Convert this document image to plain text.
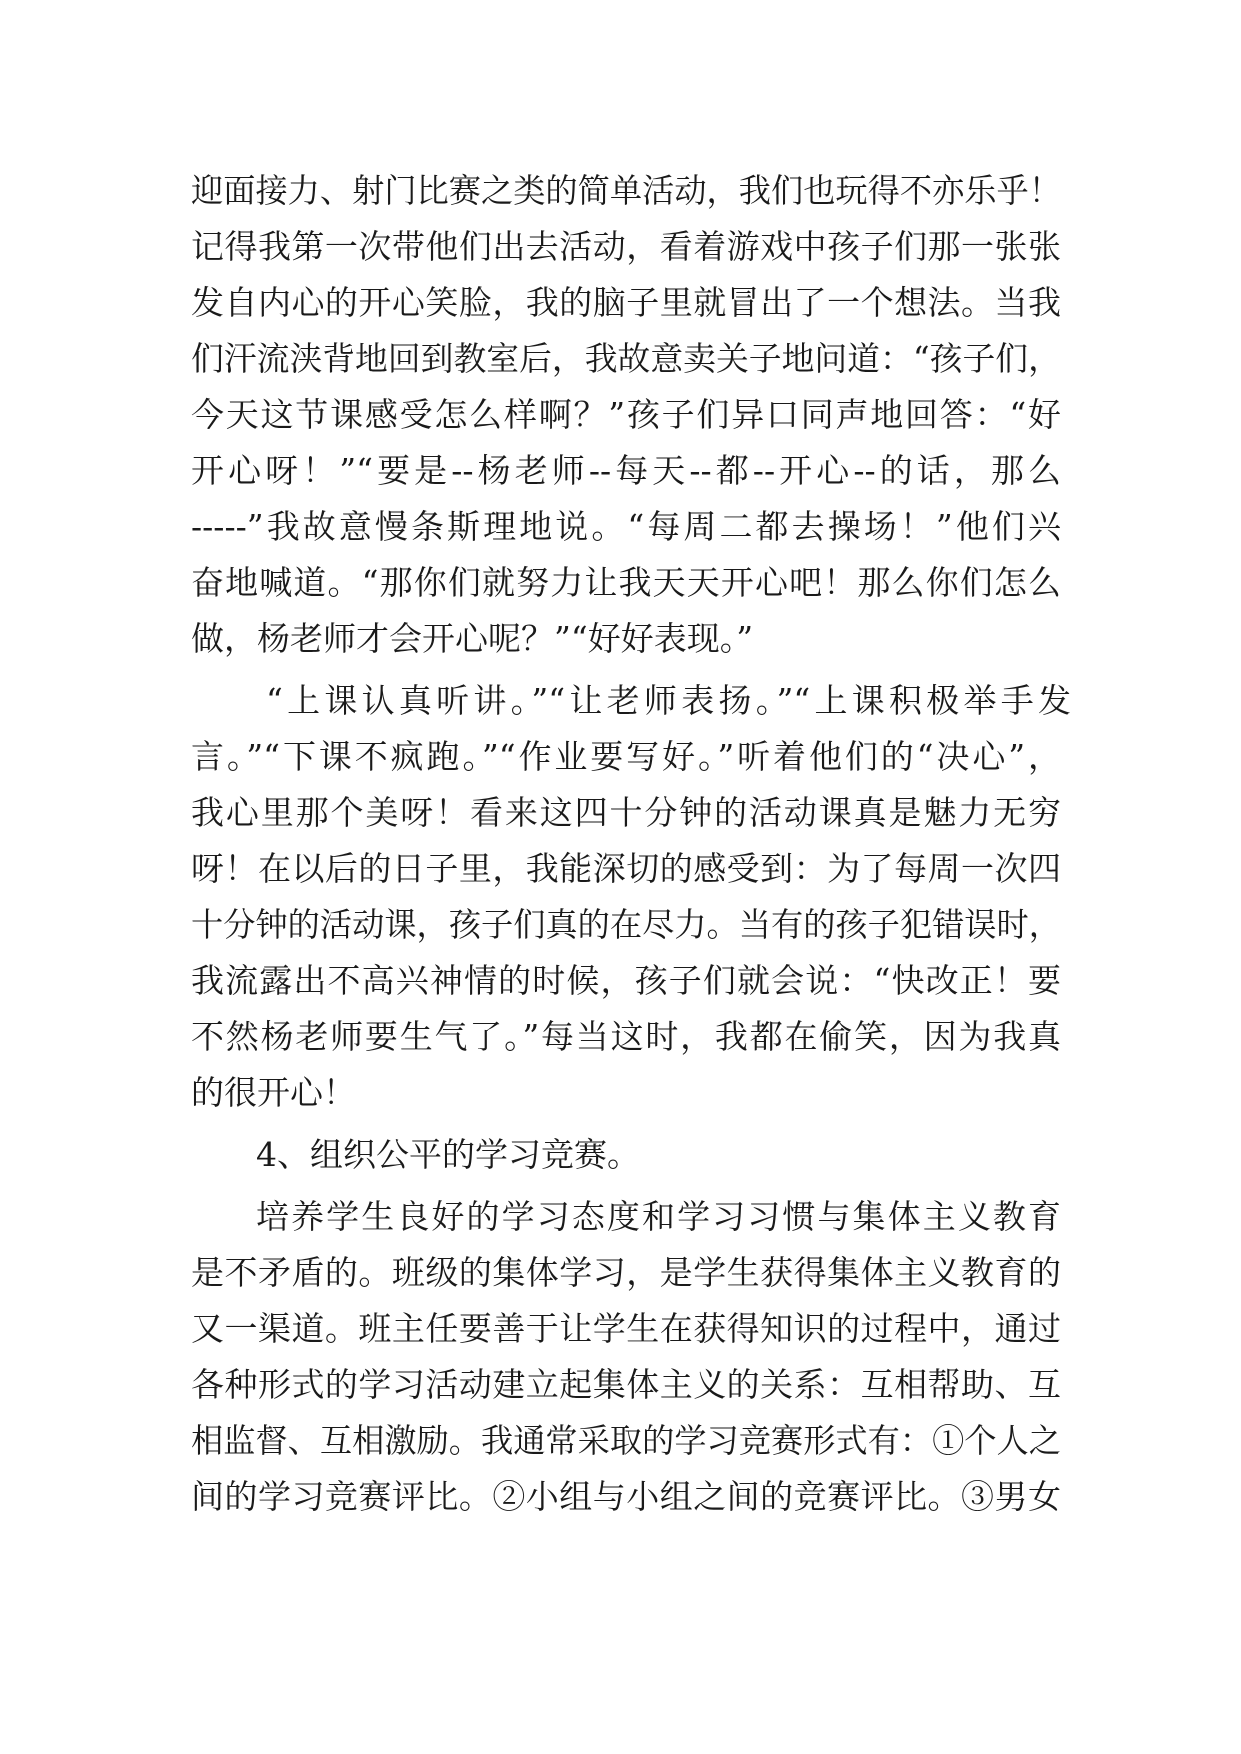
迎面接力、射门比赛之类的简单活动，我们也玩得不亦乐乎！
记得我第一次带他们出去活动，看着游戏中孩子们那一张张
发自内心的开心笑脸，我的脑子里就冒出了一个想法。当我
们汗流浃背地回到教室后，我故意卖关子地问道：“孩子们，
今天这节课感受怎么样啊？”孩子们异口同声地回答：“好
开心呀！”“要是--杨老师--每天--都--开心--的话，那么
-----”我故意慢条斯理地说。“每周二都去操场！”他们兴
奋地喊道。“那你们就努力让我天天开心吧！那么你们怎么
做，杨老师才会开心呢？”“好好表现。”
“上课认真听讲。”“让老师表扬。”“上课积极举手发
言。”“下课不疯跑。”“作业要写好。”听着他们的“决心”，
我心里那个美呀！看来这四十分钟的活动课真是魅力无穷
呀！在以后的日子里，我能深切的感受到：为了每周一次四
十分钟的活动课，孩子们真的在尽力。当有的孩子犯错误时，
我流露出不高兴神情的时候，孩子们就会说：“快改正！要
不然杨老师要生气了。”每当这时，我都在偷笑，因为我真
的很开心！
4、组织公平的学习竞赛。
培养学生良好的学习态度和学习习惯与集体主义教育
是不矛盾的。班级的集体学习，是学生获得集体主义教育的
又一渠道。班主任要善于让学生在获得知识的过程中，通过
各种形式的学习活动建立起集体主义的关系：互相帮助、互
相监督、互相激励。我通常采取的学习竞赛形式有：①个人之
间的学习竞赛评比。②小组与小组之间的竞赛评比。③男女
